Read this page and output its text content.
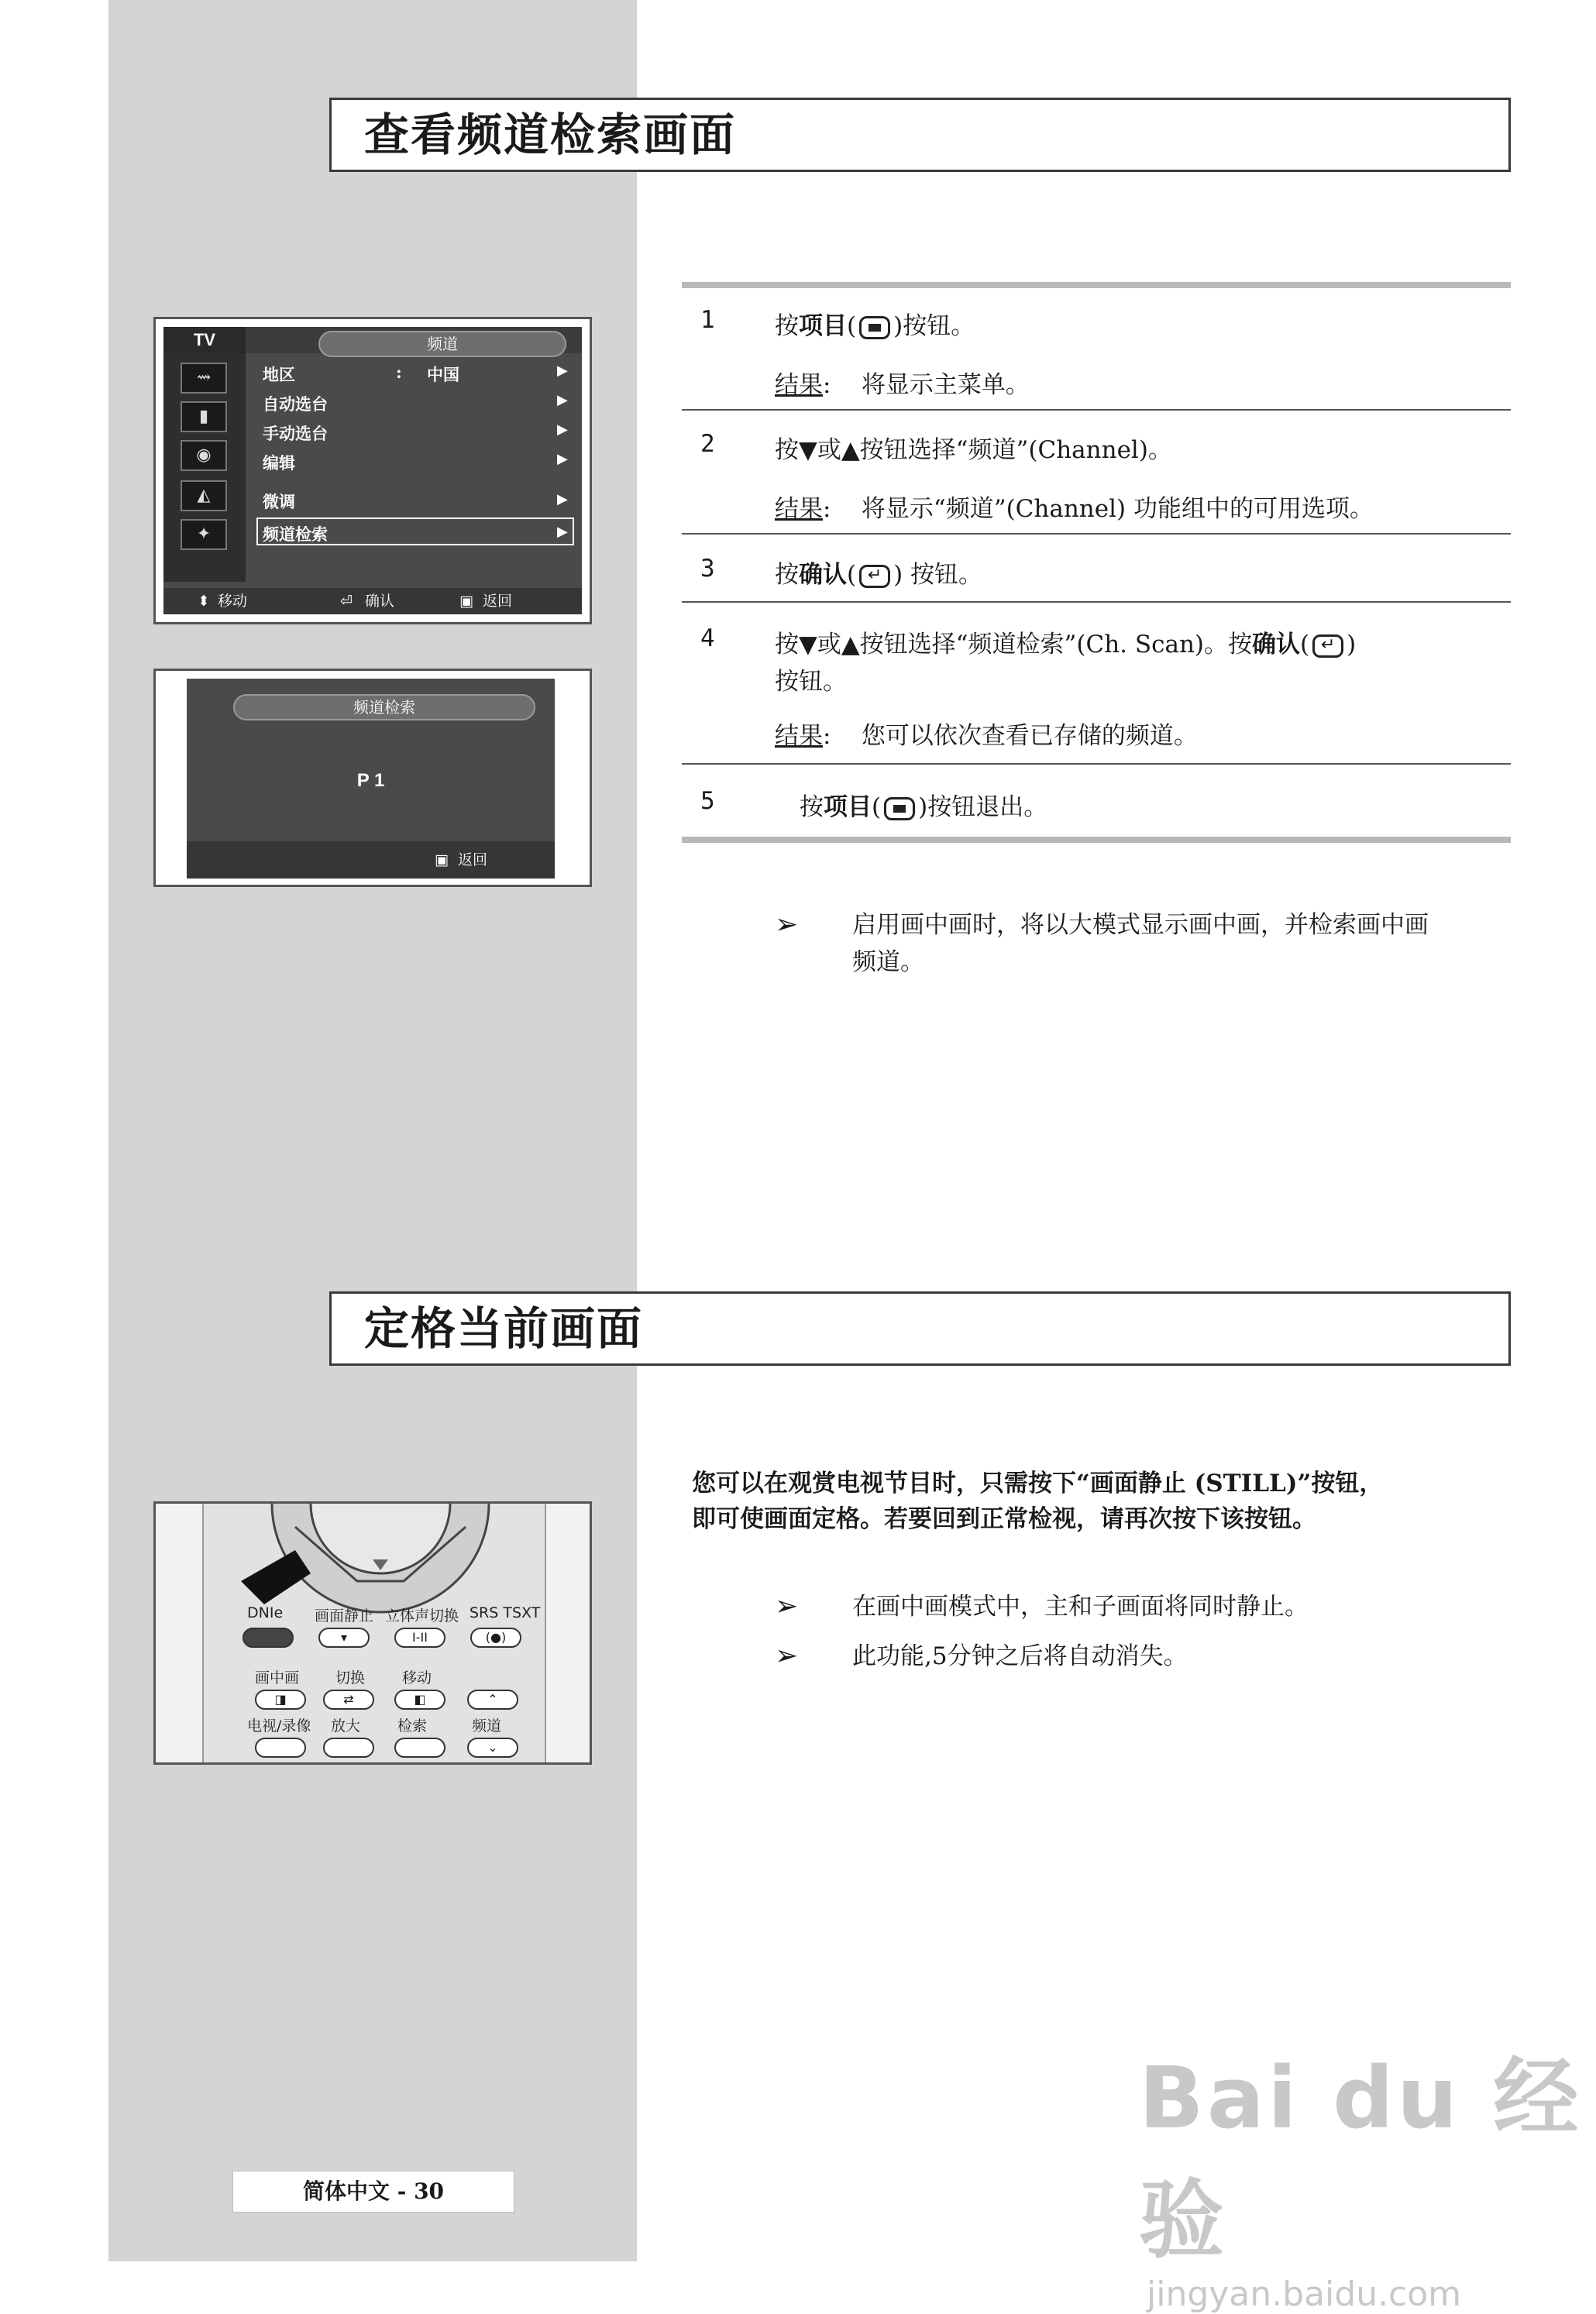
查看频道检索画面
1 按项目( )按钮。
结果:    将显示主菜单。
2 按▼或▲按钮选择“频道”(Channel)。
结果:    将显示“频道”(Channel) 功能组中的可用选项。
3 按确认( ↵ ) 按钮。
4 按▼或▲按钮选择“频道检索”(Ch. Scan)。按确认( ↵ )
按钮。
结果:    您可以依次查看已存储的频道。
5	按项目( )按钮退出。
➢ 启用画中画时，将以大模式显示画中画，并检索画中画
频道。
TV	频道
⇝
▮
◉
◭
✦
地区	: 中国
自动选台
手动选台
编辑
微调
频道检索
▶
▶
▶
▶
▶
▶
⬍ 移动	⏎ 确认	▣ 返回
频道检索
P 1
▣ 返回
定格当前画面
您可以在观赏电视节目时，只需按下“画面静止 (STILL)”按钮，
即可使画面定格。若要回到正常检视，请再次按下该按钮。
➢ 在画中画模式中，主和子画面将同时静止。
➢ 此功能,5分钟之后将自动消失。
DNIe 画面静止 立体声切换 SRS TSXT
▾	I-II	(●)
画中画 切换	移动
◨	⇄	◧	⌃
电视/录像 放大	检索	频道
⌄
简体中文 - 30
Bai du 经验
jingyan.baidu.com
